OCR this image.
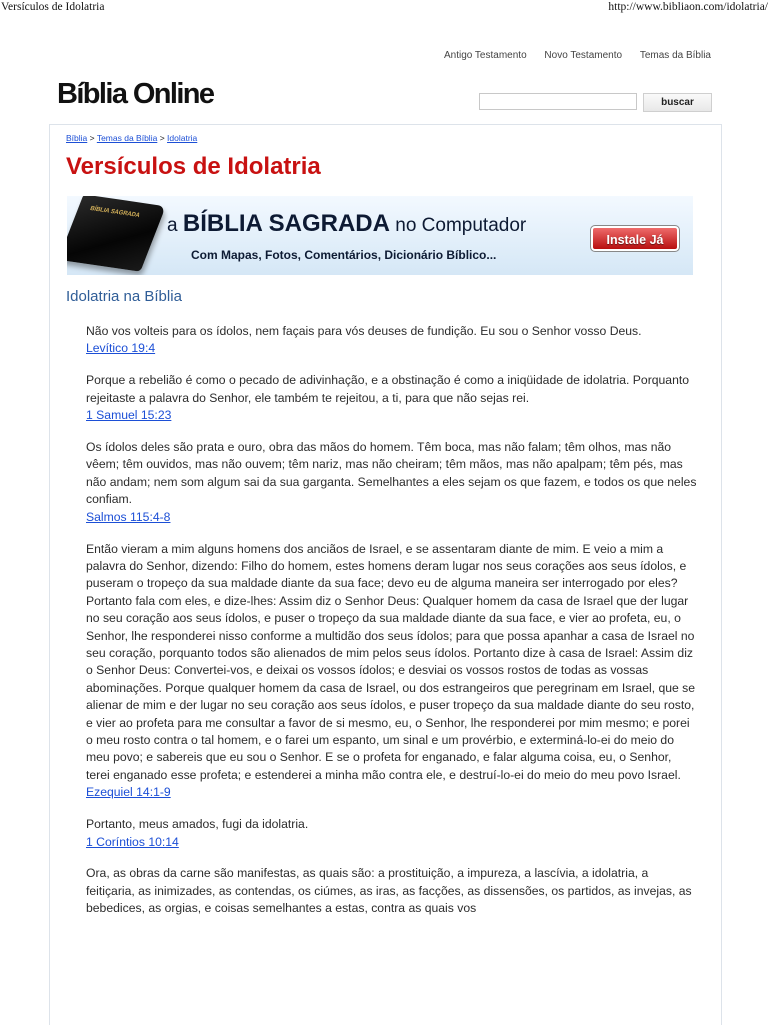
Versículos de Idolatria	http://www.bibliaon.com/idolatria/
Antigo Testamento Novo Testamento Temas da Bíblia
Bíblia Online	buscar
Bíblia > Temas da Bíblia > Idolatria
Versículos de Idolatria
BÍBLIA SAGRADA
a BÍBLIA SAGRADA no Computador
Com Mapas, Fotos, Comentários, Dicionário Bíblico...
Instale Já
Idolatria na Bíblia
Não vos volteis para os ídolos, nem façais para vós deuses de fundição. Eu sou o Senhor vosso Deus.
Levítico 19:4
Porque a rebelião é como o pecado de adivinhação, e a obstinação é como a iniqüidade de idolatria. Porquanto rejeitaste a palavra do Senhor, ele também te rejeitou, a ti, para que não sejas rei.
1 Samuel 15:23
Os ídolos deles são prata e ouro, obra das mãos do homem. Têm boca, mas não falam; têm olhos, mas não vêem; têm ouvidos, mas não ouvem; têm nariz, mas não cheiram; têm mãos, mas não apalpam; têm pés, mas não andam; nem som algum sai da sua garganta. Semelhantes a eles sejam os que fazem, e todos os que neles confiam.
Salmos 115:4-8
Então vieram a mim alguns homens dos anciãos de Israel, e se assentaram diante de mim. E veio a mim a palavra do Senhor, dizendo: Filho do homem, estes homens deram lugar nos seus corações aos seus ídolos, e puseram o tropeço da sua maldade diante da sua face; devo eu de alguma maneira ser interrogado por eles? Portanto fala com eles, e dize-lhes: Assim diz o Senhor Deus: Qualquer homem da casa de Israel que der lugar no seu coração aos seus ídolos, e puser o tropeço da sua maldade diante da sua face, e vier ao profeta, eu, o Senhor, lhe responderei nisso conforme a multidão dos seus ídolos; para que possa apanhar a casa de Israel no seu coração, porquanto todos são alienados de mim pelos seus ídolos. Portanto dize à casa de Israel: Assim diz o Senhor Deus: Convertei-vos, e deixai os vossos ídolos; e desviai os vossos rostos de todas as vossas abominações. Porque qualquer homem da casa de Israel, ou dos estrangeiros que peregrinam em Israel, que se alienar de mim e der lugar no seu coração aos seus ídolos, e puser tropeço da sua maldade diante do seu rosto, e vier ao profeta para me consultar a favor de si mesmo, eu, o Senhor, lhe responderei por mim mesmo; e porei o meu rosto contra o tal homem, e o farei um espanto, um sinal e um provérbio, e exterminá-lo-ei do meio do meu povo; e sabereis que eu sou o Senhor. E se o profeta for enganado, e falar alguma coisa, eu, o Senhor, terei enganado esse profeta; e estenderei a minha mão contra ele, e destruí-lo-ei do meio do meu povo Israel.
Ezequiel 14:1-9
Portanto, meus amados, fugi da idolatria.
1 Coríntios 10:14
Ora, as obras da carne são manifestas, as quais são: a prostituição, a impureza, a lascívia, a idolatria, a feitiçaria, as inimizades, as contendas, os ciúmes, as iras, as facções, as dissensões, os partidos, as invejas, as bebedices, as orgias, e coisas semelhantes a estas, contra as quais vos
